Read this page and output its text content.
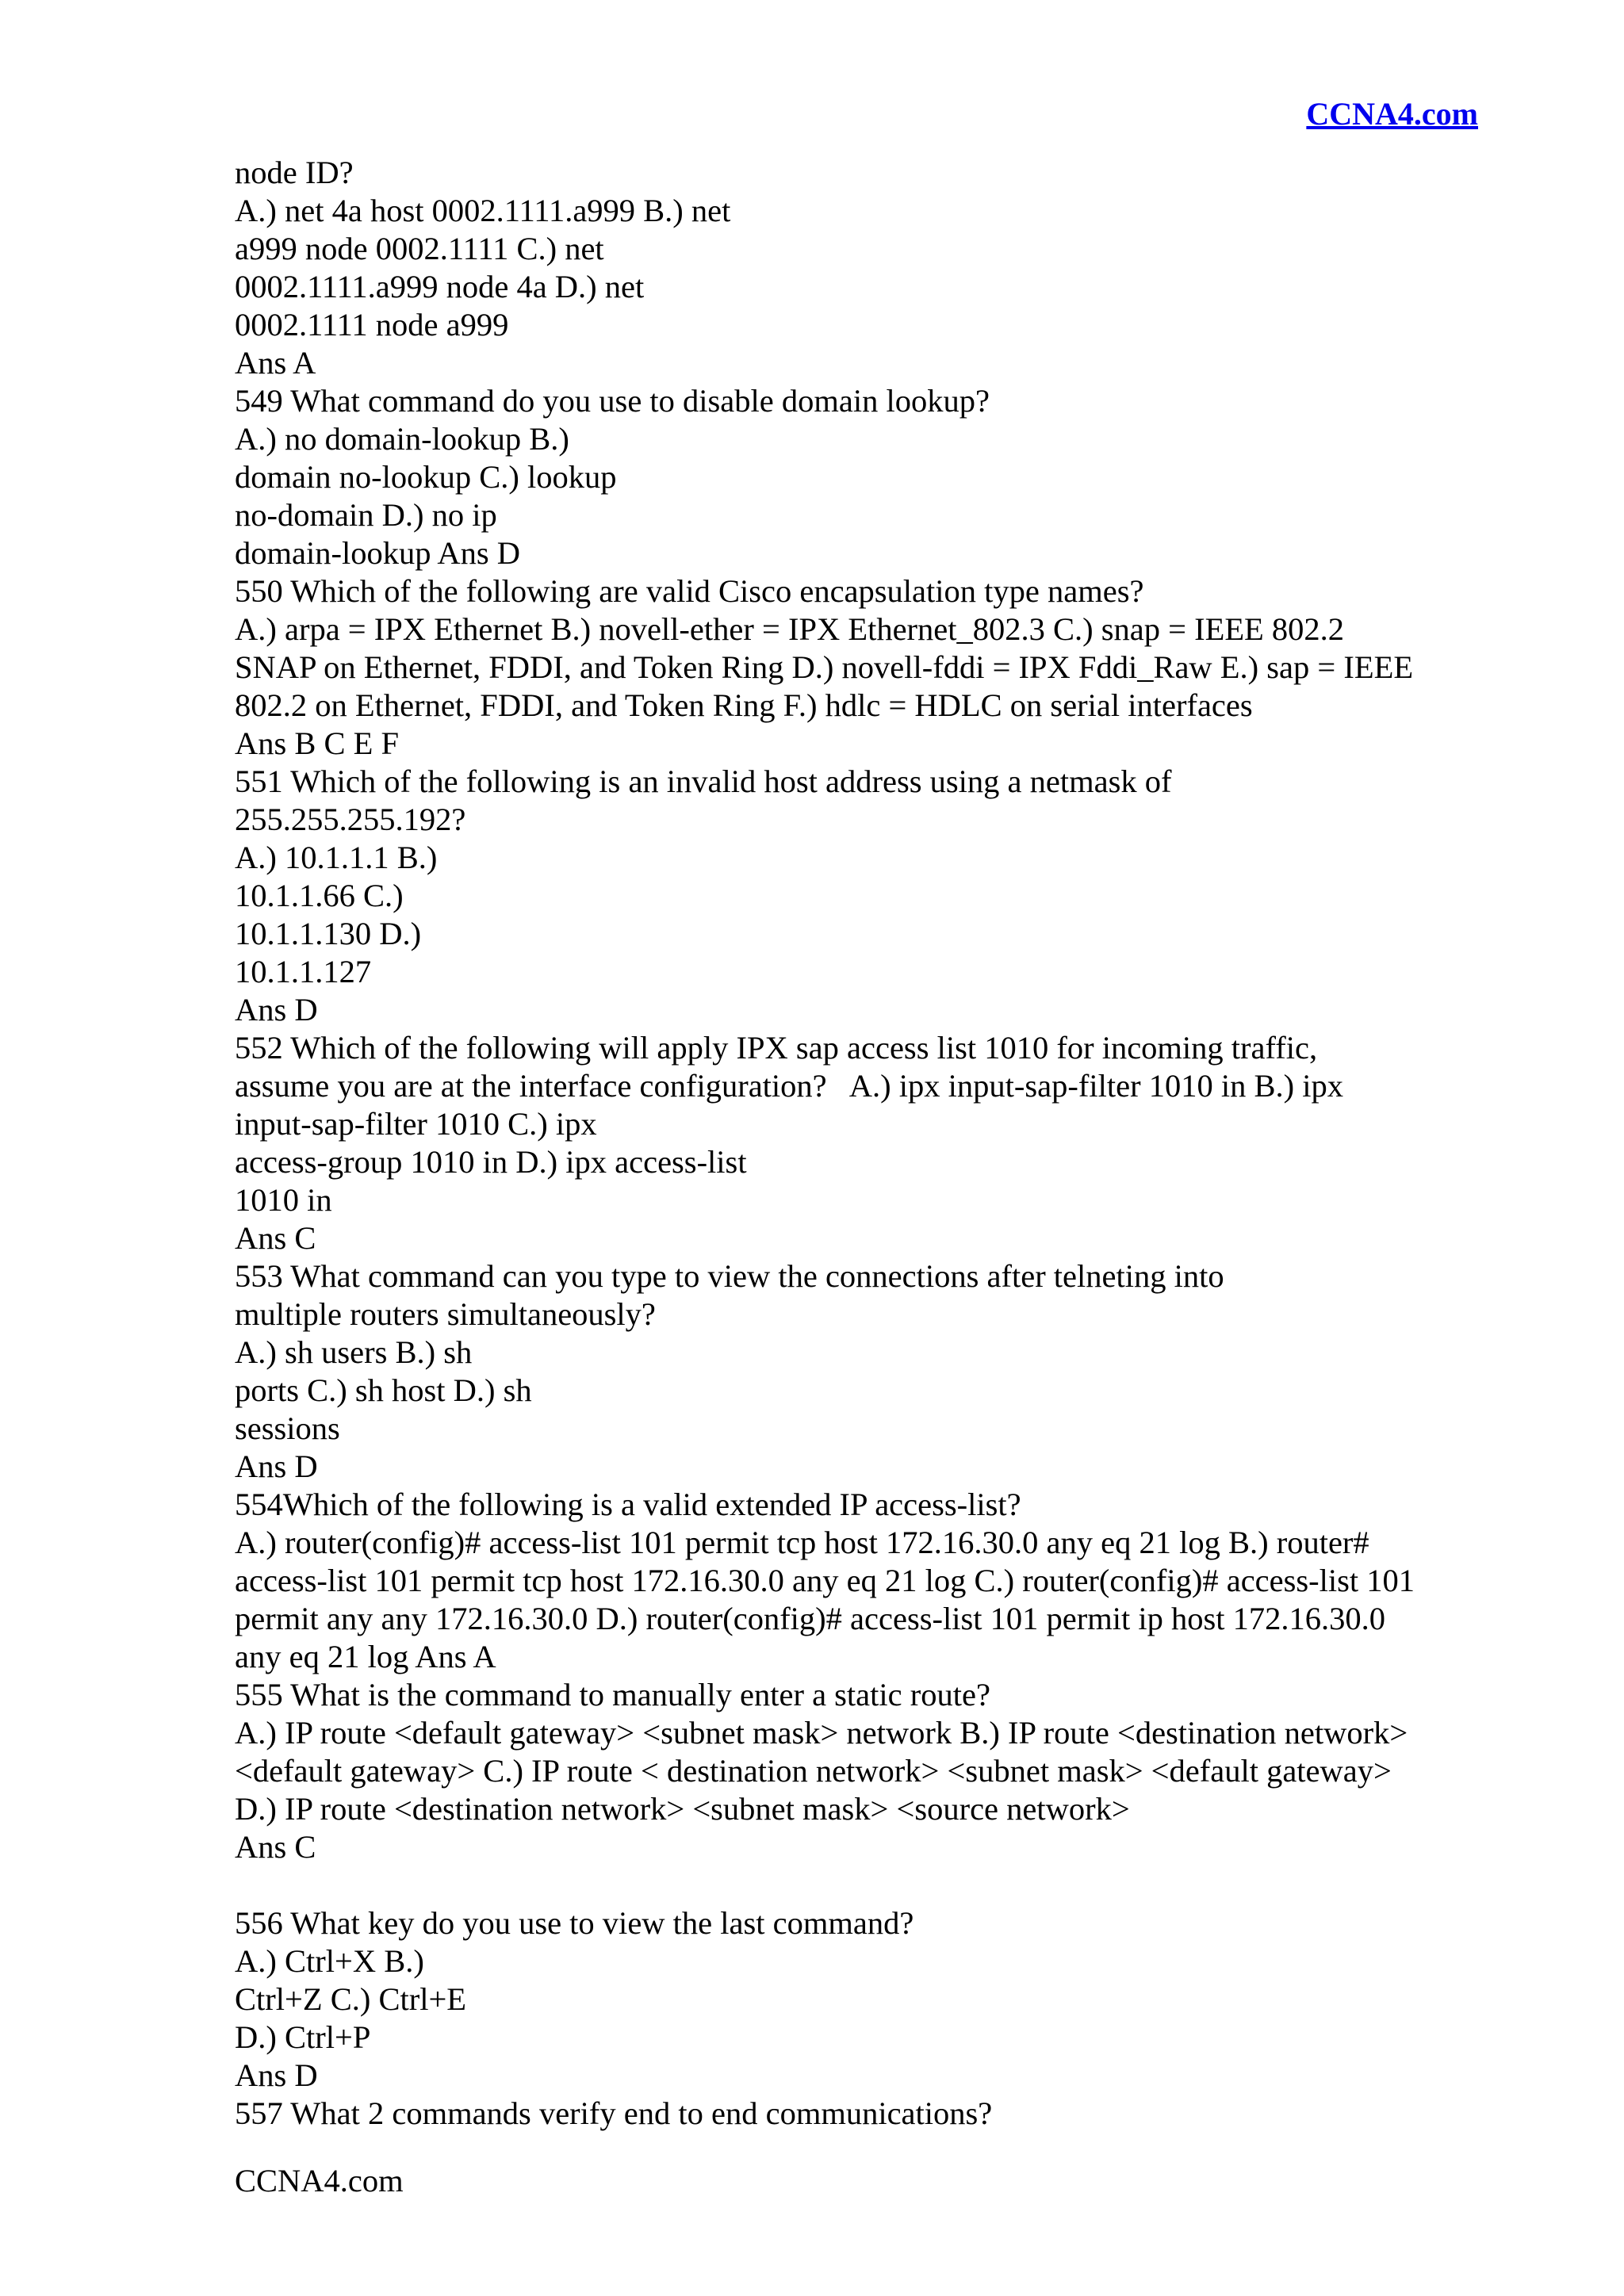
CCNA4.com
node ID?
A.) net 4a host 0002.1111.a999 B.) net
a999 node 0002.1111 C.) net
0002.1111.a999 node 4a D.) net
0002.1111 node a999
Ans A
549 What command do you use to disable domain lookup?
A.) no domain-lookup B.)
domain no-lookup C.) lookup
no-domain D.) no ip
domain-lookup Ans D
550 Which of the following are valid Cisco encapsulation type names?
A.) arpa = IPX Ethernet B.) novell-ether = IPX Ethernet_802.3 C.) snap = IEEE 802.2
SNAP on Ethernet, FDDI, and Token Ring D.) novell-fddi = IPX Fddi_Raw E.) sap = IEEE
802.2 on Ethernet, FDDI, and Token Ring F.) hdlc = HDLC on serial interfaces
Ans B C E F
551 Which of the following is an invalid host address using a netmask of
255.255.255.192?
A.) 10.1.1.1 B.)
10.1.1.66 C.)
10.1.1.130 D.)
10.1.1.127
Ans D
552 Which of the following will apply IPX sap access list 1010 for incoming traffic,
assume you are at the interface configuration?   A.) ipx input-sap-filter 1010 in B.) ipx
input-sap-filter 1010 C.) ipx
access-group 1010 in D.) ipx access-list
1010 in
Ans C
553 What command can you type to view the connections after telneting into
multiple routers simultaneously?
A.) sh users B.) sh
ports C.) sh host D.) sh
sessions
Ans D
554Which of the following is a valid extended IP access-list?
A.) router(config)# access-list 101 permit tcp host 172.16.30.0 any eq 21 log B.) router#
access-list 101 permit tcp host 172.16.30.0 any eq 21 log C.) router(config)# access-list 101
permit any any 172.16.30.0 D.) router(config)# access-list 101 permit ip host 172.16.30.0
any eq 21 log Ans A
555 What is the command to manually enter a static route?
A.) IP route <default gateway> <subnet mask> network B.) IP route <destination network>
<default gateway> C.) IP route < destination network> <subnet mask> <default gateway>
D.) IP route <destination network> <subnet mask> <source network>
Ans C
556 What key do you use to view the last command?
A.) Ctrl+X B.)
Ctrl+Z C.) Ctrl+E
D.) Ctrl+P
Ans D
557 What 2 commands verify end to end communications?
CCNA4.com
